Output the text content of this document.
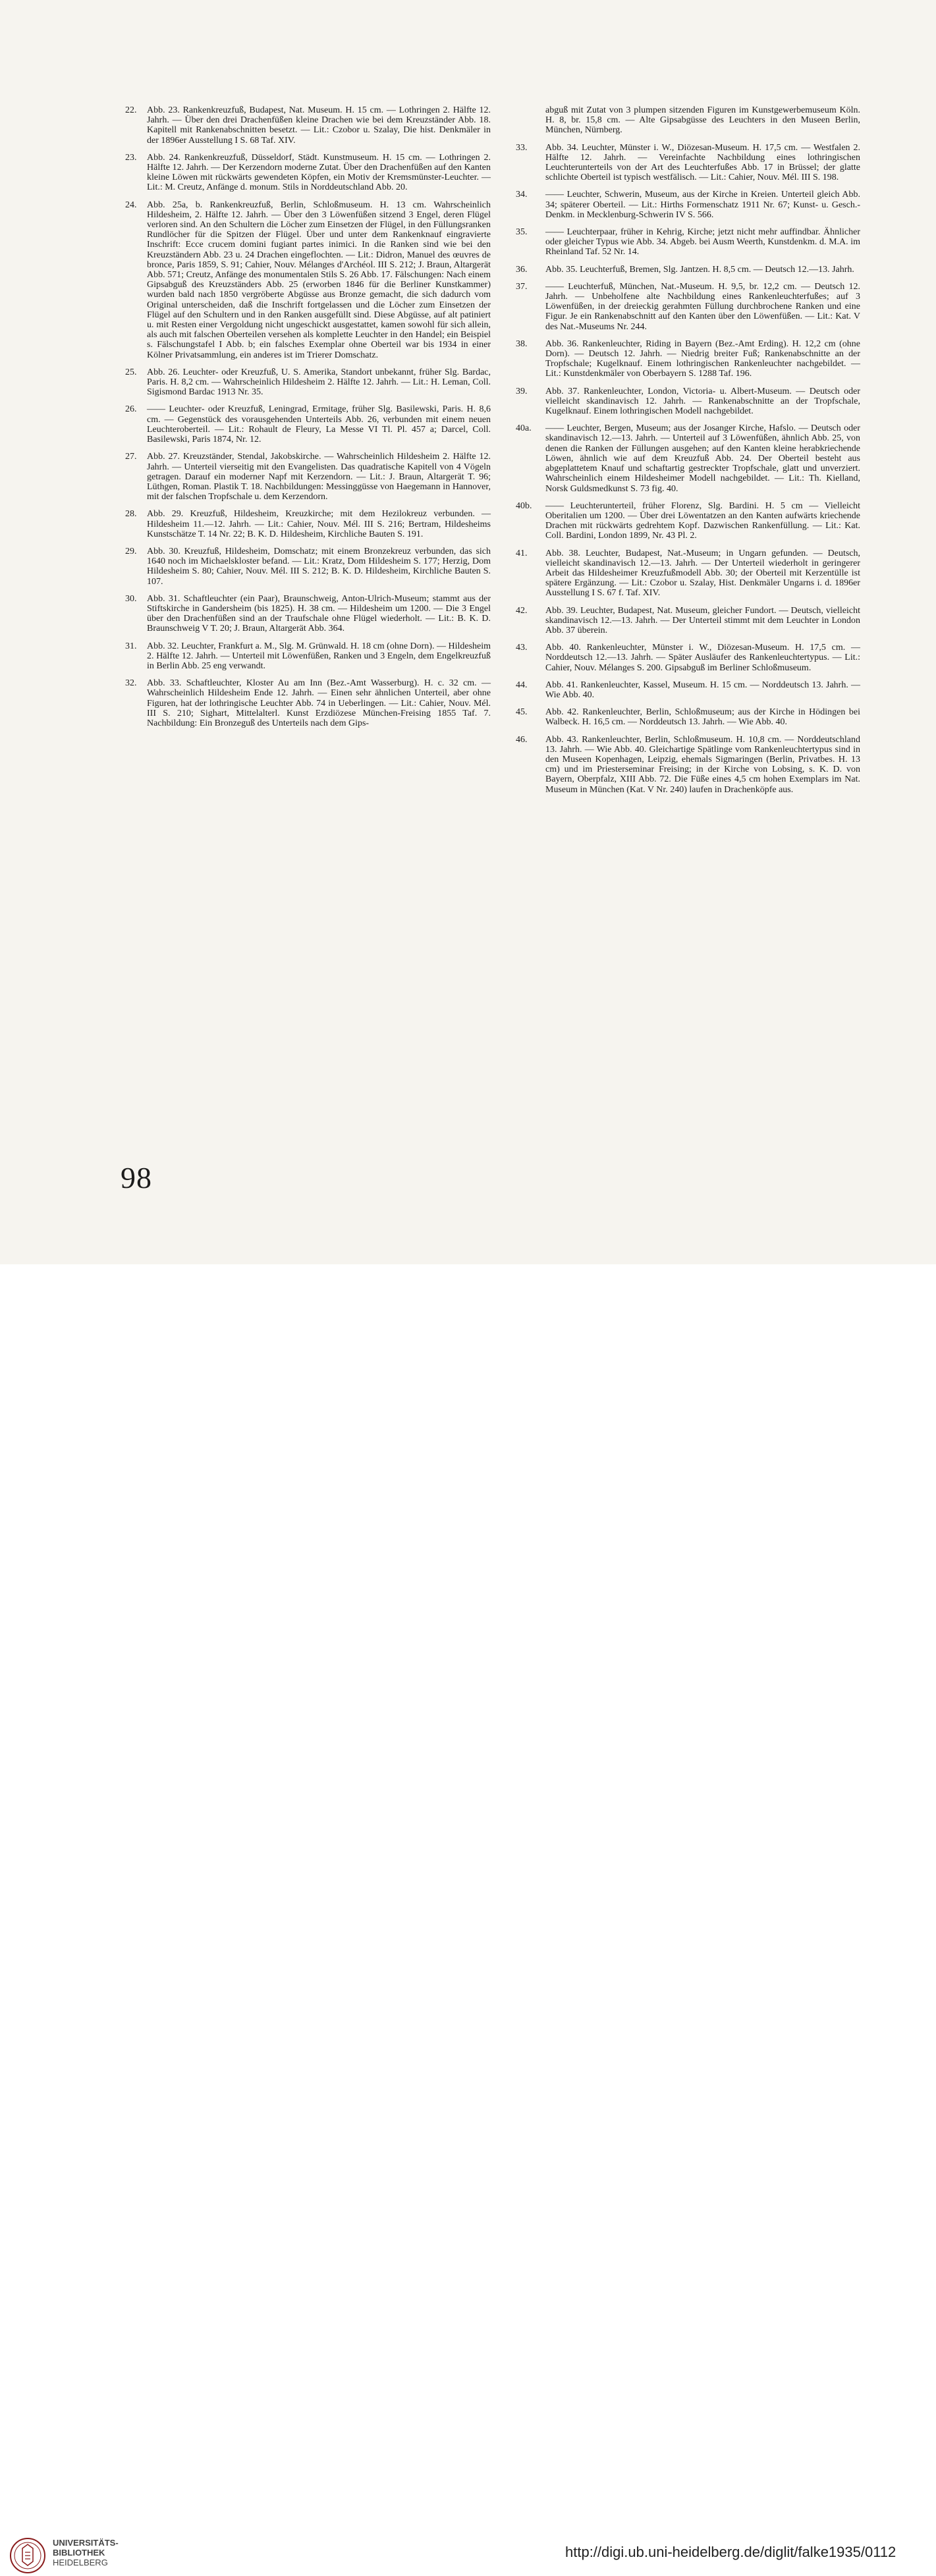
22. Abb. 23. Rankenkreuzfuß, Budapest, Nat. Museum. H. 15 cm. — Lothringen 2. Hälfte 12. Jahrh. — Über den drei Drachenfüßen kleine Drachen wie bei dem Kreuzständer Abb. 18. Kapitell mit Rankenabschnitten besetzt. — Lit.: Czobor u. Szalay, Die hist. Denkmäler in der 1896er Ausstellung I S. 68 Taf. XIV.
23. Abb. 24. Rankenkreuzfuß, Düsseldorf, Städt. Kunstmuseum. H. 15 cm. — Lothringen 2. Hälfte 12. Jahrh. — Der Kerzendorn moderne Zutat. Über den Drachenfüßen auf den Kanten kleine Löwen mit rückwärts gewendeten Köpfen, ein Motiv der Kremsmünster-Leuchter. — Lit.: M. Creutz, Anfänge d. monum. Stils in Norddeutschland Abb. 20.
24. Abb. 25a, b. Rankenkreuzfuß, Berlin, Schloßmuseum. H. 13 cm. Wahrscheinlich Hildesheim, 2. Hälfte 12. Jahrh. — Über den 3 Löwenfüßen sitzend 3 Engel, deren Flügel verloren sind. An den Schultern die Löcher zum Einsetzen der Flügel, in den Füllungsranken Rundlöcher für die Spitzen der Flügel. Über und unter dem Rankenknauf eingravierte Inschrift: Ecce crucem domini fugiant partes inimici. In die Ranken sind wie bei den Kreuzständern Abb. 23 u. 24 Drachen eingeflochten. — Lit.: Didron, Manuel des œuvres de bronce, Paris 1859, S. 91; Cahier, Nouv. Mélanges d'Archéol. III S. 212; J. Braun, Altargerät Abb. 571; Creutz, Anfänge des monumentalen Stils S. 26 Abb. 17. Fälschungen: Nach einem Gipsabguß des Kreuzständers Abb. 25 (erworben 1846 für die Berliner Kunstkammer) wurden bald nach 1850 vergröberte Abgüsse aus Bronze gemacht, die sich dadurch vom Original unterscheiden, daß die Inschrift fortgelassen und die Löcher zum Einsetzen der Flügel auf den Schultern und in den Ranken ausgefüllt sind. Diese Abgüsse, auf alt patiniert u. mit Resten einer Vergoldung nicht ungeschickt ausgestattet, kamen sowohl für sich allein, als auch mit falschen Oberteilen versehen als komplette Leuchter in den Handel; ein Beispiel s. Fälschungstafel I Abb. b; ein falsches Exemplar ohne Oberteil war bis 1934 in einer Kölner Privatsammlung, ein anderes ist im Trierer Domschatz.
25. Abb. 26. Leuchter- oder Kreuzfuß, U. S. Amerika, Standort unbekannt, früher Slg. Bardac, Paris. H. 8,2 cm. — Wahrscheinlich Hildesheim 2. Hälfte 12. Jahrh. — Lit.: H. Leman, Coll. Sigismond Bardac 1913 Nr. 35.
26. —— Leuchter- oder Kreuzfuß, Leningrad, Ermitage, früher Slg. Basilewski, Paris. H. 8,6 cm. — Gegenstück des vorausgehenden Unterteils Abb. 26, verbunden mit einem neuen Leuchteroberteil. — Lit.: Rohault de Fleury, La Messe VI Tl. Pl. 457 a; Darcel, Coll. Basilewski, Paris 1874, Nr. 12.
27. Abb. 27. Kreuzständer, Stendal, Jakobskirche. — Wahrscheinlich Hildesheim 2. Hälfte 12. Jahrh. — Unterteil vierseitig mit den Evangelisten. Das quadratische Kapitell von 4 Vögeln getragen. Darauf ein moderner Napf mit Kerzendorn. — Lit.: J. Braun, Altargerät T. 96; Lüthgen, Roman. Plastik T. 18. Nachbildungen: Messinggüsse von Haegemann in Hannover, mit der falschen Tropfschale u. dem Kerzendorn.
28. Abb. 29. Kreuzfuß, Hildesheim, Kreuzkirche; mit dem Hezilokreuz verbunden. — Hildesheim 11.—12. Jahrh. — Lit.: Cahier, Nouv. Mél. III S. 216; Bertram, Hildesheims Kunstschätze T. 14 Nr. 22; B. K. D. Hildesheim, Kirchliche Bauten S. 191.
29. Abb. 30. Kreuzfuß, Hildesheim, Domschatz; mit einem Bronzekreuz verbunden, das sich 1640 noch im Michaelskloster befand. — Lit.: Kratz, Dom Hildesheim S. 177; Herzig, Dom Hildesheim S. 80; Cahier, Nouv. Mél. III S. 212; B. K. D. Hildesheim, Kirchliche Bauten S. 107.
30. Abb. 31. Schaftleuchter (ein Paar), Braunschweig, Anton-Ulrich-Museum; stammt aus der Stiftskirche in Gandersheim (bis 1825). H. 38 cm. — Hildesheim um 1200. — Die 3 Engel über den Drachenfüßen sind an der Traufschale ohne Flügel wiederholt. — Lit.: B. K. D. Braunschweig V T. 20; J. Braun, Altargerät Abb. 364.
31. Abb. 32. Leuchter, Frankfurt a. M., Slg. M. Grünwald. H. 18 cm (ohne Dorn). — Hildesheim 2. Hälfte 12. Jahrh. — Unterteil mit Löwenfüßen, Ranken und 3 Engeln, dem Engelkreuzfuß in Berlin Abb. 25 eng verwandt.
32. Abb. 33. Schaftleuchter, Kloster Au am Inn (Bez.-Amt Wasserburg). H. c. 32 cm. — Wahrscheinlich Hildesheim Ende 12. Jahrh. — Einen sehr ähnlichen Unterteil, aber ohne Figuren, hat der lothringische Leuchter Abb. 74 in Ueberlingen. — Lit.: Cahier, Nouv. Mél. III S. 210; Sighart, Mittelalterl. Kunst Erzdiözese München-Freising 1855 Taf. 7. Nachbildung: Ein Bronzeguß des Unterteils nach dem Gips-
abguß mit Zutat von 3 plumpen sitzenden Figuren im Kunstgewerbemuseum Köln. H. 8, br. 15,8 cm. — Alte Gipsabgüsse des Leuchters in den Museen Berlin, München, Nürnberg.
33. Abb. 34. Leuchter, Münster i. W., Diözesan-Museum. H. 17,5 cm. — Westfalen 2. Hälfte 12. Jahrh. — Vereinfachte Nachbildung eines lothringischen Leuchterunterteils von der Art des Leuchterfußes Abb. 17 in Brüssel; der glatte schlichte Oberteil ist typisch westfälisch. — Lit.: Cahier, Nouv. Mél. III S. 198.
34. —— Leuchter, Schwerin, Museum, aus der Kirche in Kreien. Unterteil gleich Abb. 34; späterer Oberteil. — Lit.: Hirths Formenschatz 1911 Nr. 67; Kunst- u. Gesch.-Denkm. in Mecklenburg-Schwerin IV S. 566.
35. —— Leuchterpaar, früher in Kehrig, Kirche; jetzt nicht mehr auffindbar. Ähnlicher oder gleicher Typus wie Abb. 34. Abgeb. bei Ausm Weerth, Kunstdenkm. d. M.A. im Rheinland Taf. 52 Nr. 14.
36. Abb. 35. Leuchterfuß, Bremen, Slg. Jantzen. H. 8,5 cm. — Deutsch 12.—13. Jahrh.
37. —— Leuchterfuß, München, Nat.-Museum. H. 9,5, br. 12,2 cm. — Deutsch 12. Jahrh. — Unbeholfene alte Nachbildung eines Rankenleuchterfußes; auf 3 Löwenfüßen, in der dreieckig gerahmten Füllung durchbrochene Ranken und eine Figur. Je ein Rankenabschnitt auf den Kanten über den Löwenfüßen. — Lit.: Kat. V des Nat.-Museums Nr. 244.
38. Abb. 36. Rankenleuchter, Riding in Bayern (Bez.-Amt Erding). H. 12,2 cm (ohne Dorn). — Deutsch 12. Jahrh. — Niedrig breiter Fuß; Rankenabschnitte an der Tropfschale; Kugelknauf. Einem lothringischen Rankenleuchter nachgebildet. — Lit.: Kunstdenkmäler von Oberbayern S. 1288 Taf. 196.
39. Abb. 37. Rankenleuchter, London, Victoria- u. Albert-Museum. — Deutsch oder vielleicht skandinavisch 12. Jahrh. — Rankenabschnitte an der Tropfschale, Kugelknauf. Einem lothringischen Modell nachgebildet.
40a. —— Leuchter, Bergen, Museum; aus der Josanger Kirche, Hafslo. — Deutsch oder skandinavisch 12.—13. Jahrh. — Unterteil auf 3 Löwenfüßen, ähnlich Abb. 25, von denen die Ranken der Füllungen ausgehen; auf den Kanten kleine herabkriechende Löwen, ähnlich wie auf dem Kreuzfuß Abb. 24. Der Oberteil besteht aus abgeplattetem Knauf und schaftartig gestreckter Tropfschale, glatt und unverziert. Wahrscheinlich einem Hildesheimer Modell nachgebildet. — Lit.: Th. Kielland, Norsk Guldsmedkunst S. 73 fig. 40.
40b. —— Leuchterunterteil, früher Florenz, Slg. Bardini. H. 5 cm — Vielleicht Oberitalien um 1200. — Über drei Löwentatzen an den Kanten aufwärts kriechende Drachen mit rückwärts gedrehtem Kopf. Dazwischen Rankenfüllung. — Lit.: Kat. Coll. Bardini, London 1899, Nr. 43 Pl. 2.
41. Abb. 38. Leuchter, Budapest, Nat.-Museum; in Ungarn gefunden. — Deutsch, vielleicht skandinavisch 12.—13. Jahrh. — Der Unterteil wiederholt in geringerer Arbeit das Hildesheimer Kreuzfußmodell Abb. 30; der Oberteil mit Kerzentülle ist spätere Ergänzung. — Lit.: Czobor u. Szalay, Hist. Denkmäler Ungarns i. d. 1896er Ausstellung I S. 67 f. Taf. XIV.
42. Abb. 39. Leuchter, Budapest, Nat. Museum, gleicher Fundort. — Deutsch, vielleicht skandinavisch 12.—13. Jahrh. — Der Unterteil stimmt mit dem Leuchter in London Abb. 37 überein.
43. Abb. 40. Rankenleuchter, Münster i. W., Diözesan-Museum. H. 17,5 cm. — Norddeutsch 12.—13. Jahrh. — Später Ausläufer des Rankenleuchtertypus. — Lit.: Cahier, Nouv. Mélanges S. 200. Gipsabguß im Berliner Schloßmuseum.
44. Abb. 41. Rankenleuchter, Kassel, Museum. H. 15 cm. — Norddeutsch 13. Jahrh. — Wie Abb. 40.
45. Abb. 42. Rankenleuchter, Berlin, Schloßmuseum; aus der Kirche in Hödingen bei Walbeck. H. 16,5 cm. — Norddeutsch 13. Jahrh. — Wie Abb. 40.
46. Abb. 43. Rankenleuchter, Berlin, Schloßmuseum. H. 10,8 cm. — Norddeutschland 13. Jahrh. — Wie Abb. 40. Gleichartige Spätlinge vom Rankenleuchtertypus sind in den Museen Kopenhagen, Leipzig, ehemals Sigmaringen (Berlin, Privatbes. H. 13 cm) und im Priesterseminar Freising; in der Kirche von Lobsing, s. K. D. von Bayern, Oberpfalz, XIII Abb. 72. Die Füße eines 4,5 cm hohen Exemplars im Nat. Museum in München (Kat. V Nr. 240) laufen in Drachenköpfe aus.
98
UNIVERSITÄTS-
BIBLIOTHEK
HEIDELBERG
http://digi.ub.uni-heidelberg.de/diglit/falke1935/0112
